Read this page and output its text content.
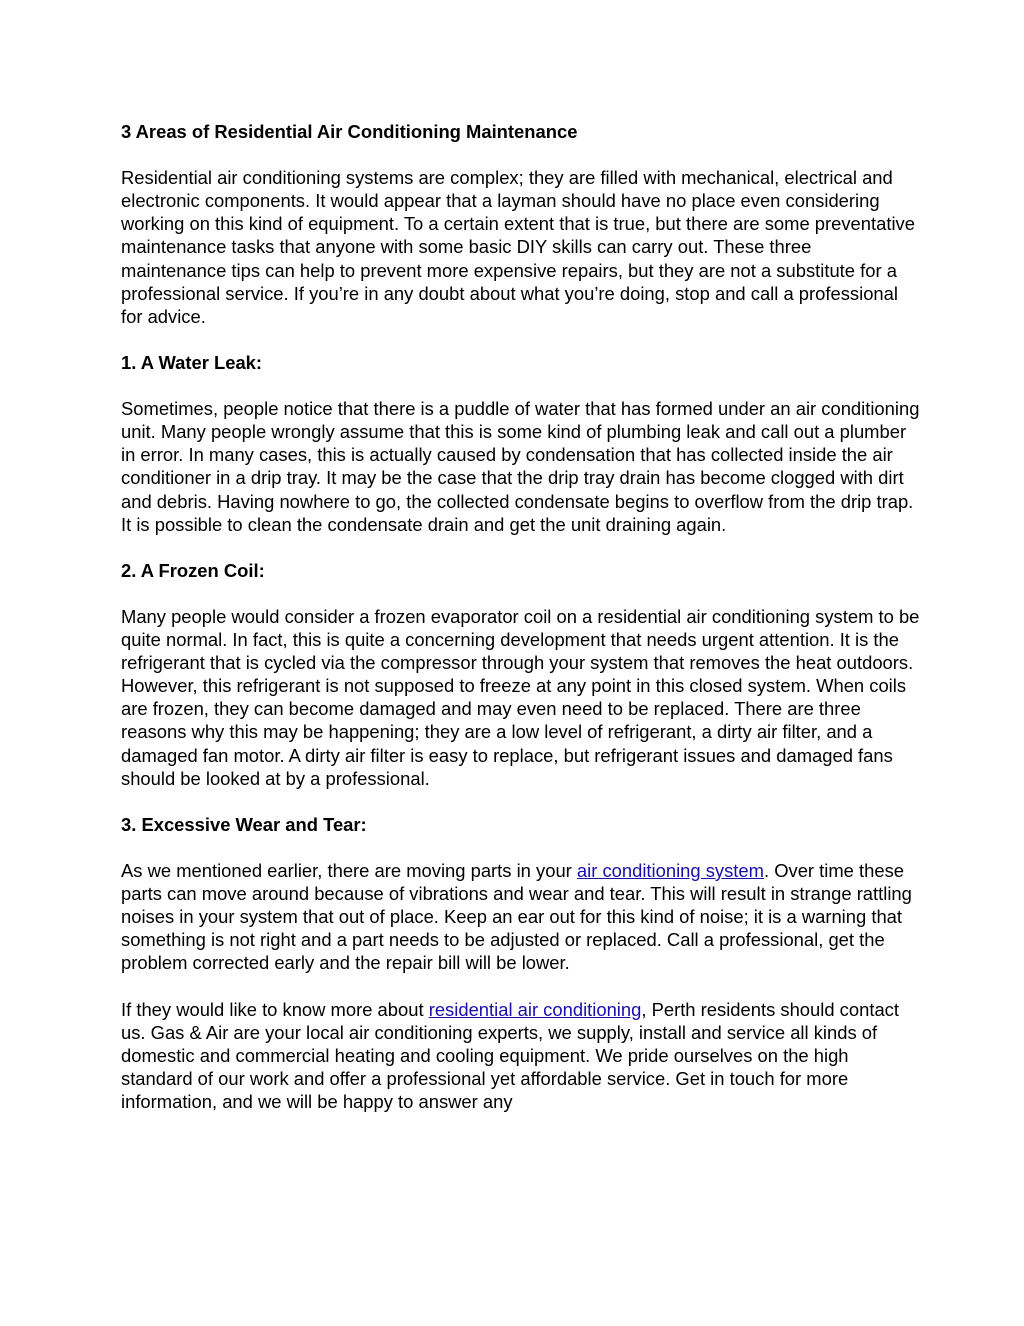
3 Areas of Residential Air Conditioning Maintenance

Residential air conditioning systems are complex; they are filled with mechanical, electrical and electronic components. It would appear that a layman should have no place even considering working on this kind of equipment. To a certain extent that is true, but there are some preventative maintenance tasks that anyone with some basic DIY skills can carry out. These three maintenance tips can help to prevent more expensive repairs, but they are not a substitute for a professional service. If you’re in any doubt about what you’re doing, stop and call a professional for advice.

1. A Water Leak:

Sometimes, people notice that there is a puddle of water that has formed under an air conditioning unit. Many people wrongly assume that this is some kind of plumbing leak and call out a plumber in error. In many cases, this is actually caused by condensation that has collected inside the air conditioner in a drip tray. It may be the case that the drip tray drain has become clogged with dirt and debris. Having nowhere to go, the collected condensate begins to overflow from the drip trap. It is possible to clean the condensate drain and get the unit draining again.

2. A Frozen Coil:

Many people would consider a frozen evaporator coil on a residential air conditioning system to be quite normal. In fact, this is quite a concerning development that needs urgent attention. It is the refrigerant that is cycled via the compressor through your system that removes the heat outdoors. However, this refrigerant is not supposed to freeze at any point in this closed system. When coils are frozen, they can become damaged and may even need to be replaced. There are three reasons why this may be happening; they are a low level of refrigerant, a dirty air filter, and a damaged fan motor. A dirty air filter is easy to replace, but refrigerant issues and damaged fans should be looked at by a professional.

3. Excessive Wear and Tear:

As we mentioned earlier, there are moving parts in your air conditioning system. Over time these parts can move around because of vibrations and wear and tear. This will result in strange rattling noises in your system that out of place. Keep an ear out for this kind of noise; it is a warning that something is not right and a part needs to be adjusted or replaced. Call a professional, get the problem corrected early and the repair bill will be lower.

If they would like to know more about residential air conditioning, Perth residents should contact us. Gas & Air are your local air conditioning experts, we supply, install and service all kinds of domestic and commercial heating and cooling equipment. We pride ourselves on the high standard of our work and offer a professional yet affordable service. Get in touch for more information, and we will be happy to answer any
